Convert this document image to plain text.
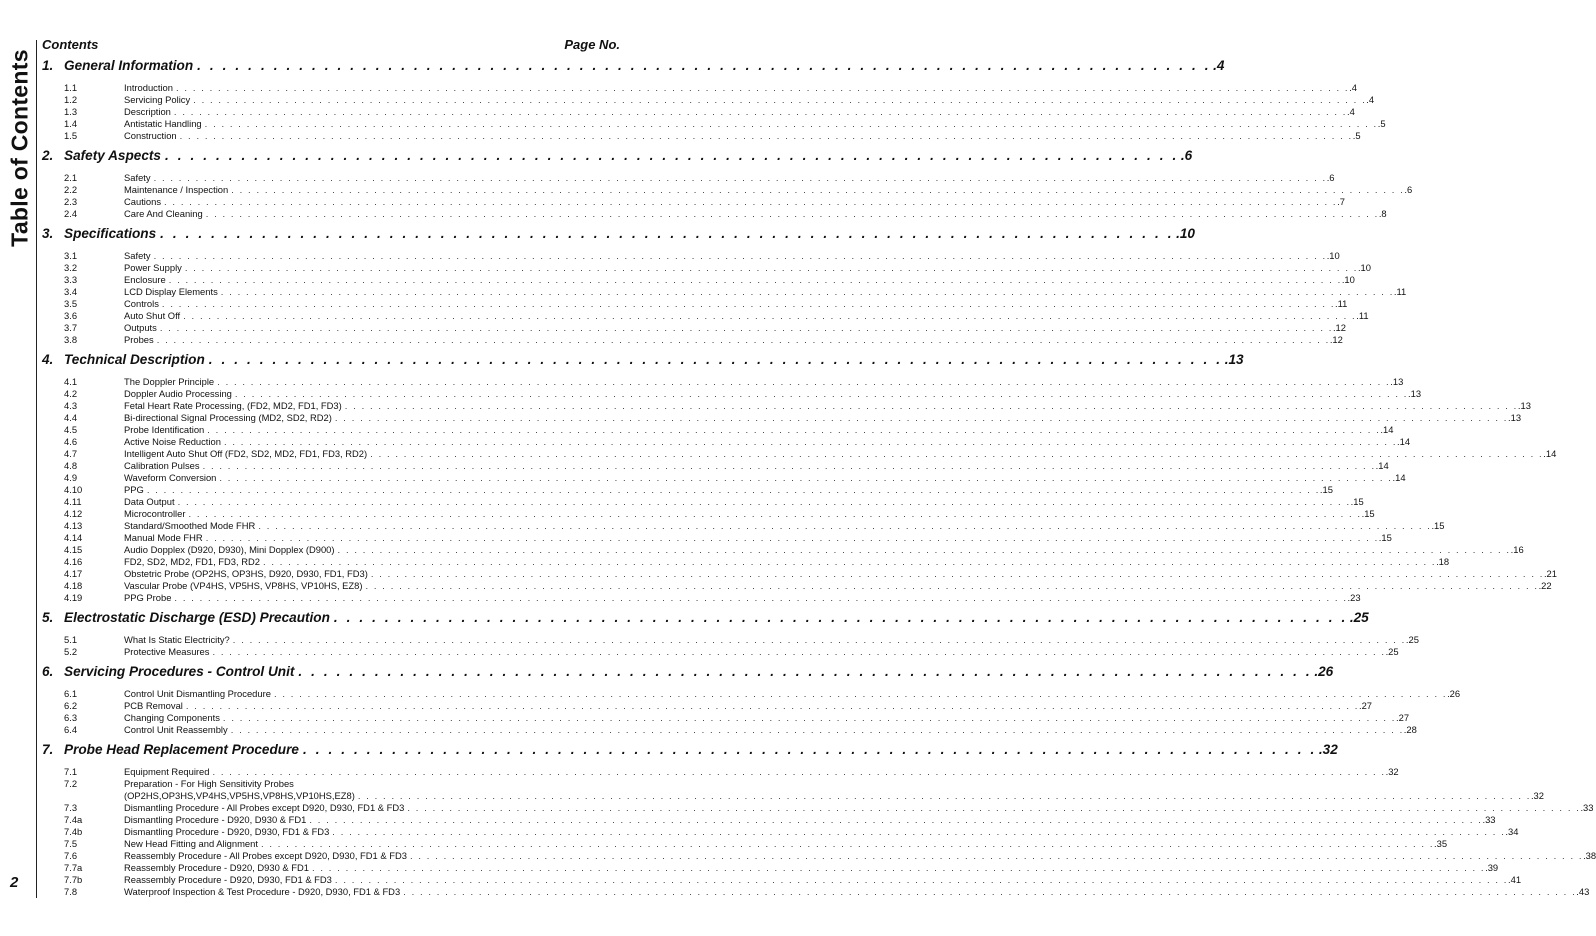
Table of Contents
2
Contents	Page No.
1. General Information . . . . . . . . . . . . . . . . . . . . . . . . . . . . . . . . . . . . . . . . . . . . . . . . . . . . . . . . . . . . . . . . . . . . . . . . . . . . . . . . .4
1.1	Introduction . . . . . . . . . . . . . . . . . . . . . . . . . . . . . . . . . . . . . . . . . . . . . . . . . . . . . . . . . . . . . . . . . . . . . . . . . . . . . . . . . . . . . . . . . . . . . . . . . . . . . . . . . . . . . . . . . . . . . . . . . . . . . . . . . . . . . . . . . . . . .4
1.2	Servicing Policy . . . . . . . . . . . . . . . . . . . . . . . . . . . . . . . . . . . . . . . . . . . . . . . . . . . . . . . . . . . . . . . . . . . . . . . . . . . . . . . . . . . . . . . . . . . . . . . . . . . . . . . . . . . . . . . . . . . . . . . . . . . . . . . . . . . . . . . . . . . . .4
1.3	Description . . . . . . . . . . . . . . . . . . . . . . . . . . . . . . . . . . . . . . . . . . . . . . . . . . . . . . . . . . . . . . . . . . . . . . . . . . . . . . . . . . . . . . . . . . . . . . . . . . . . . . . . . . . . . . . . . . . . . . . . . . . . . . . . . . . . . . . . . . . . .4
1.4	Antistatic Handling . . . . . . . . . . . . . . . . . . . . . . . . . . . . . . . . . . . . . . . . . . . . . . . . . . . . . . . . . . . . . . . . . . . . . . . . . . . . . . . . . . . . . . . . . . . . . . . . . . . . . . . . . . . . . . . . . . . . . . . . . . . . . . . . . . . . . . . . . . . . .5
1.5	Construction . . . . . . . . . . . . . . . . . . . . . . . . . . . . . . . . . . . . . . . . . . . . . . . . . . . . . . . . . . . . . . . . . . . . . . . . . . . . . . . . . . . . . . . . . . . . . . . . . . . . . . . . . . . . . . . . . . . . . . . . . . . . . . . . . . . . . . . . . . . . .5
2. Safety Aspects . . . . . . . . . . . . . . . . . . . . . . . . . . . . . . . . . . . . . . . . . . . . . . . . . . . . . . . . . . . . . . . . . . . . . . . . . . . . . . . . .6
2.1	Safety . . . . . . . . . . . . . . . . . . . . . . . . . . . . . . . . . . . . . . . . . . . . . . . . . . . . . . . . . . . . . . . . . . . . . . . . . . . . . . . . . . . . . . . . . . . . . . . . . . . . . . . . . . . . . . . . . . . . . . . . . . . . . . . . . . . . . . . . . . . . .6
2.2	Maintenance / Inspection . . . . . . . . . . . . . . . . . . . . . . . . . . . . . . . . . . . . . . . . . . . . . . . . . . . . . . . . . . . . . . . . . . . . . . . . . . . . . . . . . . . . . . . . . . . . . . . . . . . . . . . . . . . . . . . . . . . . . . . . . . . . . . . . . . . . . . . . . . . . .6
2.3	Cautions . . . . . . . . . . . . . . . . . . . . . . . . . . . . . . . . . . . . . . . . . . . . . . . . . . . . . . . . . . . . . . . . . . . . . . . . . . . . . . . . . . . . . . . . . . . . . . . . . . . . . . . . . . . . . . . . . . . . . . . . . . . . . . . . . . . . . . . . . . . . .7
2.4	Care And Cleaning . . . . . . . . . . . . . . . . . . . . . . . . . . . . . . . . . . . . . . . . . . . . . . . . . . . . . . . . . . . . . . . . . . . . . . . . . . . . . . . . . . . . . . . . . . . . . . . . . . . . . . . . . . . . . . . . . . . . . . . . . . . . . . . . . . . . . . . . . . . . .8
3. Specifications . . . . . . . . . . . . . . . . . . . . . . . . . . . . . . . . . . . . . . . . . . . . . . . . . . . . . . . . . . . . . . . . . . . . . . . . . . . . . . . . .10
3.1	Safety . . . . . . . . . . . . . . . . . . . . . . . . . . . . . . . . . . . . . . . . . . . . . . . . . . . . . . . . . . . . . . . . . . . . . . . . . . . . . . . . . . . . . . . . . . . . . . . . . . . . . . . . . . . . . . . . . . . . . . . . . . . . . . . . . . . . . . . . . . . . .10
3.2	Power Supply . . . . . . . . . . . . . . . . . . . . . . . . . . . . . . . . . . . . . . . . . . . . . . . . . . . . . . . . . . . . . . . . . . . . . . . . . . . . . . . . . . . . . . . . . . . . . . . . . . . . . . . . . . . . . . . . . . . . . . . . . . . . . . . . . . . . . . . . . . . . .10
3.3	Enclosure . . . . . . . . . . . . . . . . . . . . . . . . . . . . . . . . . . . . . . . . . . . . . . . . . . . . . . . . . . . . . . . . . . . . . . . . . . . . . . . . . . . . . . . . . . . . . . . . . . . . . . . . . . . . . . . . . . . . . . . . . . . . . . . . . . . . . . . . . . . . .10
3.4	LCD Display Elements . . . . . . . . . . . . . . . . . . . . . . . . . . . . . . . . . . . . . . . . . . . . . . . . . . . . . . . . . . . . . . . . . . . . . . . . . . . . . . . . . . . . . . . . . . . . . . . . . . . . . . . . . . . . . . . . . . . . . . . . . . . . . . . . . . . . . . . . . . . . .11
3.5	Controls . . . . . . . . . . . . . . . . . . . . . . . . . . . . . . . . . . . . . . . . . . . . . . . . . . . . . . . . . . . . . . . . . . . . . . . . . . . . . . . . . . . . . . . . . . . . . . . . . . . . . . . . . . . . . . . . . . . . . . . . . . . . . . . . . . . . . . . . . . . . .11
3.6	Auto Shut Off . . . . . . . . . . . . . . . . . . . . . . . . . . . . . . . . . . . . . . . . . . . . . . . . . . . . . . . . . . . . . . . . . . . . . . . . . . . . . . . . . . . . . . . . . . . . . . . . . . . . . . . . . . . . . . . . . . . . . . . . . . . . . . . . . . . . . . . . . . . . .11
3.7	Outputs . . . . . . . . . . . . . . . . . . . . . . . . . . . . . . . . . . . . . . . . . . . . . . . . . . . . . . . . . . . . . . . . . . . . . . . . . . . . . . . . . . . . . . . . . . . . . . . . . . . . . . . . . . . . . . . . . . . . . . . . . . . . . . . . . . . . . . . . . . . . .12
3.8	Probes . . . . . . . . . . . . . . . . . . . . . . . . . . . . . . . . . . . . . . . . . . . . . . . . . . . . . . . . . . . . . . . . . . . . . . . . . . . . . . . . . . . . . . . . . . . . . . . . . . . . . . . . . . . . . . . . . . . . . . . . . . . . . . . . . . . . . . . . . . . . .12
4. Technical Description . . . . . . . . . . . . . . . . . . . . . . . . . . . . . . . . . . . . . . . . . . . . . . . . . . . . . . . . . . . . . . . . . . . . . . . . . . . . . . . . .13
4.1	The Doppler Principle . . . . . . . . . . . . . . . . . . . . . . . . . . . . . . . . . . . . . . . . . . . . . . . . . . . . . . . . . . . . . . . . . . . . . . . . . . . . . . . . . . . . . . . . . . . . . . . . . . . . . . . . . . . . . . . . . . . . . . . . . . . . . . . . . . . . . . . . . . . . .13
4.2	Doppler Audio Processing . . . . . . . . . . . . . . . . . . . . . . . . . . . . . . . . . . . . . . . . . . . . . . . . . . . . . . . . . . . . . . . . . . . . . . . . . . . . . . . . . . . . . . . . . . . . . . . . . . . . . . . . . . . . . . . . . . . . . . . . . . . . . . . . . . . . . . . . . . . . .13
4.3	Fetal Heart Rate Processing, (FD2, MD2, FD1, FD3) . . . . . . . . . . . . . . . . . . . . . . . . . . . . . . . . . . . . . . . . . . . . . . . . . . . . . . . . . . . . . . . . . . . . . . . . . . . . . . . . . . . . . . . . . . . . . . . . . . . . . . . . . . . . . . . . . . . . . . . . . . . . . . . . . . . . . . . . . . . . .13
4.4	Bi-directional Signal Processing (MD2, SD2, RD2) . . . . . . . . . . . . . . . . . . . . . . . . . . . . . . . . . . . . . . . . . . . . . . . . . . . . . . . . . . . . . . . . . . . . . . . . . . . . . . . . . . . . . . . . . . . . . . . . . . . . . . . . . . . . . . . . . . . . . . . . . . . . . . . . . . . . . . . . . . . . .13
4.5	Probe Identification . . . . . . . . . . . . . . . . . . . . . . . . . . . . . . . . . . . . . . . . . . . . . . . . . . . . . . . . . . . . . . . . . . . . . . . . . . . . . . . . . . . . . . . . . . . . . . . . . . . . . . . . . . . . . . . . . . . . . . . . . . . . . . . . . . . . . . . . . . . . .14
4.6	Active Noise Reduction . . . . . . . . . . . . . . . . . . . . . . . . . . . . . . . . . . . . . . . . . . . . . . . . . . . . . . . . . . . . . . . . . . . . . . . . . . . . . . . . . . . . . . . . . . . . . . . . . . . . . . . . . . . . . . . . . . . . . . . . . . . . . . . . . . . . . . . . . . . . .14
4.7	Intelligent Auto Shut Off (FD2, SD2, MD2, FD1, FD3, RD2) . . . . . . . . . . . . . . . . . . . . . . . . . . . . . . . . . . . . . . . . . . . . . . . . . . . . . . . . . . . . . . . . . . . . . . . . . . . . . . . . . . . . . . . . . . . . . . . . . . . . . . . . . . . . . . . . . . . . . . . . . . . . . . . . . . . . . . . . . . . . .14
4.8	Calibration Pulses . . . . . . . . . . . . . . . . . . . . . . . . . . . . . . . . . . . . . . . . . . . . . . . . . . . . . . . . . . . . . . . . . . . . . . . . . . . . . . . . . . . . . . . . . . . . . . . . . . . . . . . . . . . . . . . . . . . . . . . . . . . . . . . . . . . . . . . . . . . . .14
4.9	Waveform Conversion . . . . . . . . . . . . . . . . . . . . . . . . . . . . . . . . . . . . . . . . . . . . . . . . . . . . . . . . . . . . . . . . . . . . . . . . . . . . . . . . . . . . . . . . . . . . . . . . . . . . . . . . . . . . . . . . . . . . . . . . . . . . . . . . . . . . . . . . . . . . .14
4.10	PPG . . . . . . . . . . . . . . . . . . . . . . . . . . . . . . . . . . . . . . . . . . . . . . . . . . . . . . . . . . . . . . . . . . . . . . . . . . . . . . . . . . . . . . . . . . . . . . . . . . . . . . . . . . . . . . . . . . . . . . . . . . . . . . . . . . . . . . . . . . . . .15
4.11	Data Output . . . . . . . . . . . . . . . . . . . . . . . . . . . . . . . . . . . . . . . . . . . . . . . . . . . . . . . . . . . . . . . . . . . . . . . . . . . . . . . . . . . . . . . . . . . . . . . . . . . . . . . . . . . . . . . . . . . . . . . . . . . . . . . . . . . . . . . . . . . . .15
4.12	Microcontroller . . . . . . . . . . . . . . . . . . . . . . . . . . . . . . . . . . . . . . . . . . . . . . . . . . . . . . . . . . . . . . . . . . . . . . . . . . . . . . . . . . . . . . . . . . . . . . . . . . . . . . . . . . . . . . . . . . . . . . . . . . . . . . . . . . . . . . . . . . . . .15
4.13	Standard/Smoothed Mode FHR . . . . . . . . . . . . . . . . . . . . . . . . . . . . . . . . . . . . . . . . . . . . . . . . . . . . . . . . . . . . . . . . . . . . . . . . . . . . . . . . . . . . . . . . . . . . . . . . . . . . . . . . . . . . . . . . . . . . . . . . . . . . . . . . . . . . . . . . . . . . .15
4.14	Manual Mode FHR . . . . . . . . . . . . . . . . . . . . . . . . . . . . . . . . . . . . . . . . . . . . . . . . . . . . . . . . . . . . . . . . . . . . . . . . . . . . . . . . . . . . . . . . . . . . . . . . . . . . . . . . . . . . . . . . . . . . . . . . . . . . . . . . . . . . . . . . . . . . .15
4.15	Audio Dopplex (D920, D930), Mini Dopplex (D900) . . . . . . . . . . . . . . . . . . . . . . . . . . . . . . . . . . . . . . . . . . . . . . . . . . . . . . . . . . . . . . . . . . . . . . . . . . . . . . . . . . . . . . . . . . . . . . . . . . . . . . . . . . . . . . . . . . . . . . . . . . . . . . . . . . . . . . . . . . . . .16
4.16	FD2, SD2, MD2, FD1, FD3, RD2 . . . . . . . . . . . . . . . . . . . . . . . . . . . . . . . . . . . . . . . . . . . . . . . . . . . . . . . . . . . . . . . . . . . . . . . . . . . . . . . . . . . . . . . . . . . . . . . . . . . . . . . . . . . . . . . . . . . . . . . . . . . . . . . . . . . . . . . . . . . . .18
4.17	Obstetric Probe (OP2HS, OP3HS, D920, D930, FD1, FD3) . . . . . . . . . . . . . . . . . . . . . . . . . . . . . . . . . . . . . . . . . . . . . . . . . . . . . . . . . . . . . . . . . . . . . . . . . . . . . . . . . . . . . . . . . . . . . . . . . . . . . . . . . . . . . . . . . . . . . . . . . . . . . . . . . . . . . . . . . . . . .21
4.18	Vascular Probe (VP4HS, VP5HS, VP8HS, VP10HS, EZ8) . . . . . . . . . . . . . . . . . . . . . . . . . . . . . . . . . . . . . . . . . . . . . . . . . . . . . . . . . . . . . . . . . . . . . . . . . . . . . . . . . . . . . . . . . . . . . . . . . . . . . . . . . . . . . . . . . . . . . . . . . . . . . . . . . . . . . . . . . . . . .22
4.19	PPG Probe . . . . . . . . . . . . . . . . . . . . . . . . . . . . . . . . . . . . . . . . . . . . . . . . . . . . . . . . . . . . . . . . . . . . . . . . . . . . . . . . . . . . . . . . . . . . . . . . . . . . . . . . . . . . . . . . . . . . . . . . . . . . . . . . . . . . . . . . . . . . .23
5. Electrostatic Discharge (ESD) Precaution . . . . . . . . . . . . . . . . . . . . . . . . . . . . . . . . . . . . . . . . . . . . . . . . . . . . . . . . . . . . . . . . . . . . . . . . . . . . . . . . .25
5.1	What Is Static Electricity? . . . . . . . . . . . . . . . . . . . . . . . . . . . . . . . . . . . . . . . . . . . . . . . . . . . . . . . . . . . . . . . . . . . . . . . . . . . . . . . . . . . . . . . . . . . . . . . . . . . . . . . . . . . . . . . . . . . . . . . . . . . . . . . . . . . . . . . . . . . . .25
5.2	Protective Measures . . . . . . . . . . . . . . . . . . . . . . . . . . . . . . . . . . . . . . . . . . . . . . . . . . . . . . . . . . . . . . . . . . . . . . . . . . . . . . . . . . . . . . . . . . . . . . . . . . . . . . . . . . . . . . . . . . . . . . . . . . . . . . . . . . . . . . . . . . . . .25
6. Servicing Procedures - Control Unit . . . . . . . . . . . . . . . . . . . . . . . . . . . . . . . . . . . . . . . . . . . . . . . . . . . . . . . . . . . . . . . . . . . . . . . . . . . . . . . . .26
6.1	Control Unit Dismantling Procedure . . . . . . . . . . . . . . . . . . . . . . . . . . . . . . . . . . . . . . . . . . . . . . . . . . . . . . . . . . . . . . . . . . . . . . . . . . . . . . . . . . . . . . . . . . . . . . . . . . . . . . . . . . . . . . . . . . . . . . . . . . . . . . . . . . . . . . . . . . . . .26
6.2	PCB Removal . . . . . . . . . . . . . . . . . . . . . . . . . . . . . . . . . . . . . . . . . . . . . . . . . . . . . . . . . . . . . . . . . . . . . . . . . . . . . . . . . . . . . . . . . . . . . . . . . . . . . . . . . . . . . . . . . . . . . . . . . . . . . . . . . . . . . . . . . . . . .27
6.3	Changing Components . . . . . . . . . . . . . . . . . . . . . . . . . . . . . . . . . . . . . . . . . . . . . . . . . . . . . . . . . . . . . . . . . . . . . . . . . . . . . . . . . . . . . . . . . . . . . . . . . . . . . . . . . . . . . . . . . . . . . . . . . . . . . . . . . . . . . . . . . . . . .27
6.4	Control Unit Reassembly . . . . . . . . . . . . . . . . . . . . . . . . . . . . . . . . . . . . . . . . . . . . . . . . . . . . . . . . . . . . . . . . . . . . . . . . . . . . . . . . . . . . . . . . . . . . . . . . . . . . . . . . . . . . . . . . . . . . . . . . . . . . . . . . . . . . . . . . . . . . .28
7. Probe Head Replacement Procedure . . . . . . . . . . . . . . . . . . . . . . . . . . . . . . . . . . . . . . . . . . . . . . . . . . . . . . . . . . . . . . . . . . . . . . . . . . . . . . . . .32
7.1	Equipment Required . . . . . . . . . . . . . . . . . . . . . . . . . . . . . . . . . . . . . . . . . . . . . . . . . . . . . . . . . . . . . . . . . . . . . . . . . . . . . . . . . . . . . . . . . . . . . . . . . . . . . . . . . . . . . . . . . . . . . . . . . . . . . . . . . . . . . . . . . . . . .32
7.2	Preparation - For High Sensitivity Probes
(OP2HS,OP3HS,VP4HS,VP5HS,VP8HS,VP10HS,EZ8) . . . . . . . . . . . . . . . . . . . . . . . . . . . . . . . . . . . . . . . . . . . . . . . . . . . . . . . . . . . . . . . . . . . . . . . . . . . . . . . . . . . . . . . . . . . . . . . . . . . . . . . . . . . . . . . . . . . . . . . . . . . . . . . . . . . . . . . . . . . . .32
7.3	Dismantling Procedure - All Probes except D920, D930, FD1 & FD3 . . . . . . . . . . . . . . . . . . . . . . . . . . . . . . . . . . . . . . . . . . . . . . . . . . . . . . . . . . . . . . . . . . . . . . . . . . . . . . . . . . . . . . . . . . . . . . . . . . . . . . . . . . . . . . . . . . . . . . . . . . . . . . . . . . . . . . . . . . . . .33
7.4a	Dismantling Procedure - D920, D930 & FD1 . . . . . . . . . . . . . . . . . . . . . . . . . . . . . . . . . . . . . . . . . . . . . . . . . . . . . . . . . . . . . . . . . . . . . . . . . . . . . . . . . . . . . . . . . . . . . . . . . . . . . . . . . . . . . . . . . . . . . . . . . . . . . . . . . . . . . . . . . . . . .33
7.4b	Dismantling Procedure - D920, D930, FD1 & FD3 . . . . . . . . . . . . . . . . . . . . . . . . . . . . . . . . . . . . . . . . . . . . . . . . . . . . . . . . . . . . . . . . . . . . . . . . . . . . . . . . . . . . . . . . . . . . . . . . . . . . . . . . . . . . . . . . . . . . . . . . . . . . . . . . . . . . . . . . . . . . .34
7.5	New Head Fitting and Alignment . . . . . . . . . . . . . . . . . . . . . . . . . . . . . . . . . . . . . . . . . . . . . . . . . . . . . . . . . . . . . . . . . . . . . . . . . . . . . . . . . . . . . . . . . . . . . . . . . . . . . . . . . . . . . . . . . . . . . . . . . . . . . . . . . . . . . . . . . . . . .35
7.6	Reassembly Procedure - All Probes except D920, D930, FD1 & FD3 . . . . . . . . . . . . . . . . . . . . . . . . . . . . . . . . . . . . . . . . . . . . . . . . . . . . . . . . . . . . . . . . . . . . . . . . . . . . . . . . . . . . . . . . . . . . . . . . . . . . . . . . . . . . . . . . . . . . . . . . . . . . . . . . . . . . . . . . . . . . .38
7.7a	Reassembly Procedure - D920, D930 & FD1 . . . . . . . . . . . . . . . . . . . . . . . . . . . . . . . . . . . . . . . . . . . . . . . . . . . . . . . . . . . . . . . . . . . . . . . . . . . . . . . . . . . . . . . . . . . . . . . . . . . . . . . . . . . . . . . . . . . . . . . . . . . . . . . . . . . . . . . . . . . . .39
7.7b	Reassembly Procedure - D920, D930, FD1 & FD3 . . . . . . . . . . . . . . . . . . . . . . . . . . . . . . . . . . . . . . . . . . . . . . . . . . . . . . . . . . . . . . . . . . . . . . . . . . . . . . . . . . . . . . . . . . . . . . . . . . . . . . . . . . . . . . . . . . . . . . . . . . . . . . . . . . . . . . . . . . . . .41
7.8	Waterproof Inspection & Test Procedure - D920, D930, FD1 & FD3 . . . . . . . . . . . . . . . . . . . . . . . . . . . . . . . . . . . . . . . . . . . . . . . . . . . . . . . . . . . . . . . . . . . . . . . . . . . . . . . . . . . . . . . . . . . . . . . . . . . . . . . . . . . . . . . . . . . . . . . . . . . . . . . . . . . . . . . . . . . . .43
